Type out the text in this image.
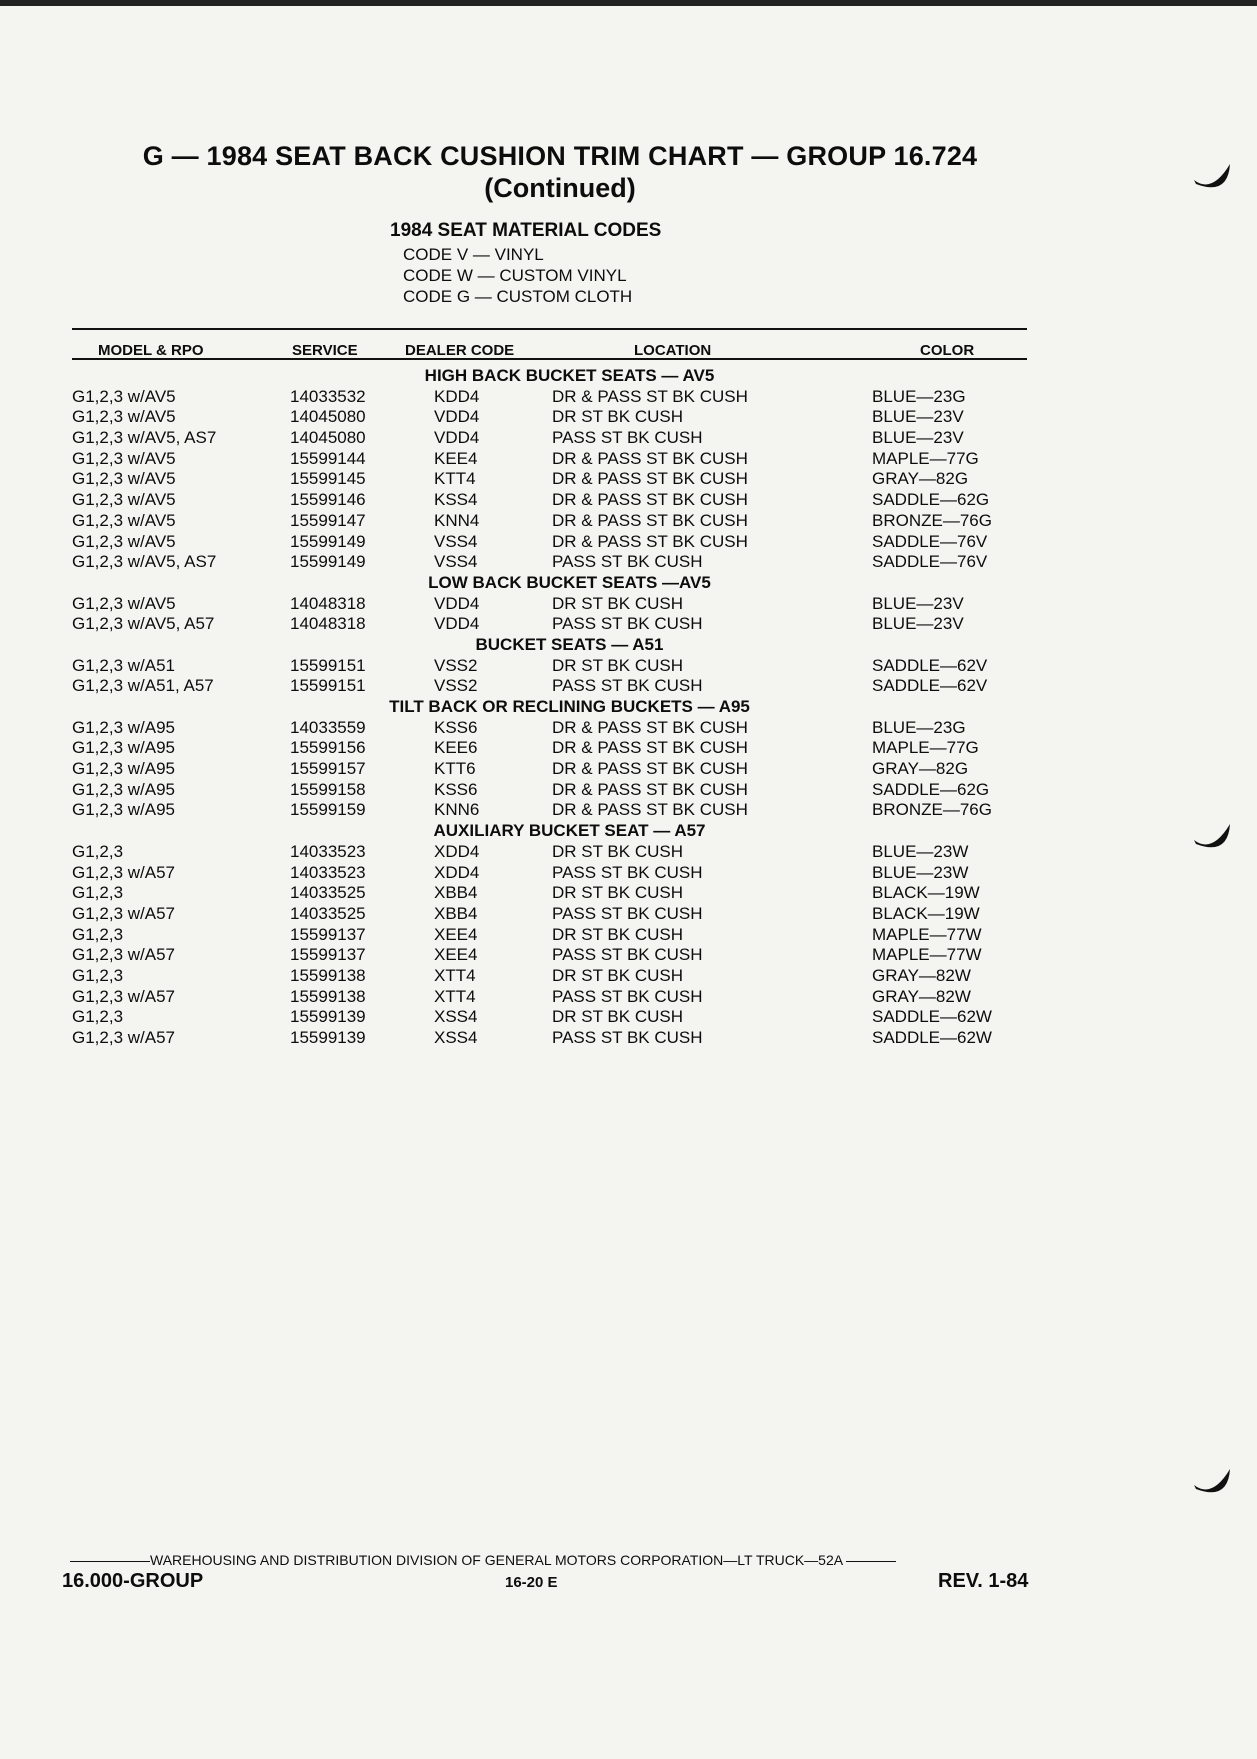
G — 1984 SEAT BACK CUSHION TRIM CHART — GROUP 16.724
(Continued)
1984 SEAT MATERIAL CODES
CODE V — VINYL
CODE W — CUSTOM VINYL
CODE G — CUSTOM CLOTH
MODEL & RPO	SERVICE	DEALER CODE	LOCATION	COLOR
HIGH BACK BUCKET SEATS — AV5
G1,2,3 w/AV5	14033532	KDD4	DR & PASS ST BK CUSH	BLUE—23G
G1,2,3 w/AV5	14045080	VDD4	DR ST BK CUSH	BLUE—23V
G1,2,3 w/AV5, AS7	14045080	VDD4	PASS ST BK CUSH	BLUE—23V
G1,2,3 w/AV5	15599144	KEE4	DR & PASS ST BK CUSH	MAPLE—77G
G1,2,3 w/AV5	15599145	KTT4	DR & PASS ST BK CUSH	GRAY—82G
G1,2,3 w/AV5	15599146	KSS4	DR & PASS ST BK CUSH	SADDLE—62G
G1,2,3 w/AV5	15599147	KNN4	DR & PASS ST BK CUSH	BRONZE—76G
G1,2,3 w/AV5	15599149	VSS4	DR & PASS ST BK CUSH	SADDLE—76V
G1,2,3 w/AV5, AS7	15599149	VSS4	PASS ST BK CUSH	SADDLE—76V
LOW BACK BUCKET SEATS —AV5
G1,2,3 w/AV5	14048318	VDD4	DR ST BK CUSH	BLUE—23V
G1,2,3 w/AV5, A57	14048318	VDD4	PASS ST BK CUSH	BLUE—23V
BUCKET SEATS — A51
G1,2,3 w/A51	15599151	VSS2	DR ST BK CUSH	SADDLE—62V
G1,2,3 w/A51, A57	15599151	VSS2	PASS ST BK CUSH	SADDLE—62V
TILT BACK OR RECLINING BUCKETS — A95
G1,2,3 w/A95	14033559	KSS6	DR & PASS ST BK CUSH	BLUE—23G
G1,2,3 w/A95	15599156	KEE6	DR & PASS ST BK CUSH	MAPLE—77G
G1,2,3 w/A95	15599157	KTT6	DR & PASS ST BK CUSH	GRAY—82G
G1,2,3 w/A95	15599158	KSS6	DR & PASS ST BK CUSH	SADDLE—62G
G1,2,3 w/A95	15599159	KNN6	DR & PASS ST BK CUSH	BRONZE—76G
AUXILIARY BUCKET SEAT — A57
G1,2,3	14033523	XDD4	DR ST BK CUSH	BLUE—23W
G1,2,3 w/A57	14033523	XDD4	PASS ST BK CUSH	BLUE—23W
G1,2,3	14033525	XBB4	DR ST BK CUSH	BLACK—19W
G1,2,3 w/A57	14033525	XBB4	PASS ST BK CUSH	BLACK—19W
G1,2,3	15599137	XEE4	DR ST BK CUSH	MAPLE—77W
G1,2,3 w/A57	15599137	XEE4	PASS ST BK CUSH	MAPLE—77W
G1,2,3	15599138	XTT4	DR ST BK CUSH	GRAY—82W
G1,2,3 w/A57	15599138	XTT4	PASS ST BK CUSH	GRAY—82W
G1,2,3	15599139	XSS4	DR ST BK CUSH	SADDLE—62W
G1,2,3 w/A57	15599139	XSS4	PASS ST BK CUSH	SADDLE—62W
WAREHOUSING AND DISTRIBUTION DIVISION OF GENERAL MOTORS CORPORATION—LT TRUCK—52A
16.000-GROUP	16-20 E	REV. 1-84
